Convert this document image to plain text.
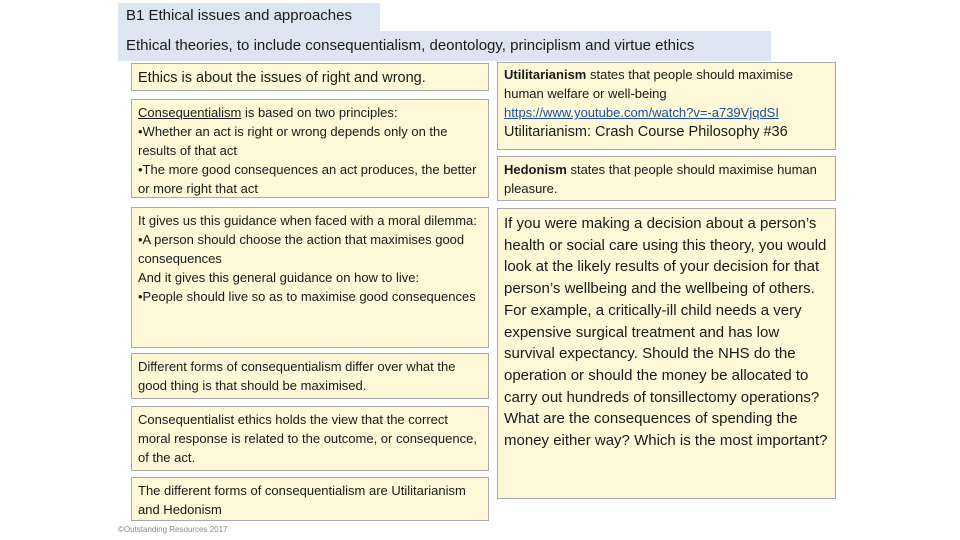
B1 Ethical issues and approaches
Ethical theories, to include consequentialism, deontology, principlism and virtue ethics

Ethics is about the issues of right and wrong.

Consequentialism is based on two principles:

•Whether an act is right or wrong depends only on the results of that act

•The more good consequences an act produces, the better or more right that act

It gives us this guidance when faced with a moral dilemma:

•A person should choose the action that maximises good consequences

And it gives this general guidance on how to live:

•People should live so as to maximise good consequences

Different forms of consequentialism differ over what the good thing is that should be maximised.

Consequentialist ethics holds the view that the correct moral response is related to the outcome, or consequence, of the act.

The different forms of consequentialism are Utilitarianism and Hedonism

Utilitarianism states that people should maximise human welfare or well-being

https://www.youtube.com/watch?v=-a739VjqdSI

Utilitarianism: Crash Course Philosophy #36

Hedonism states that people should maximise human pleasure.

If you were making a decision about a person’s health or social care using this theory, you would look at the likely results of your decision for that person’s wellbeing and the wellbeing of others.

For example, a critically-ill child needs a very expensive surgical treatment and has low survival expectancy. Should the NHS do the operation or should the money be allocated to carry out hundreds of tonsillectomy operations? What are the consequences of spending the money either way? Which is the most important?

©Outstanding Resources 2017
